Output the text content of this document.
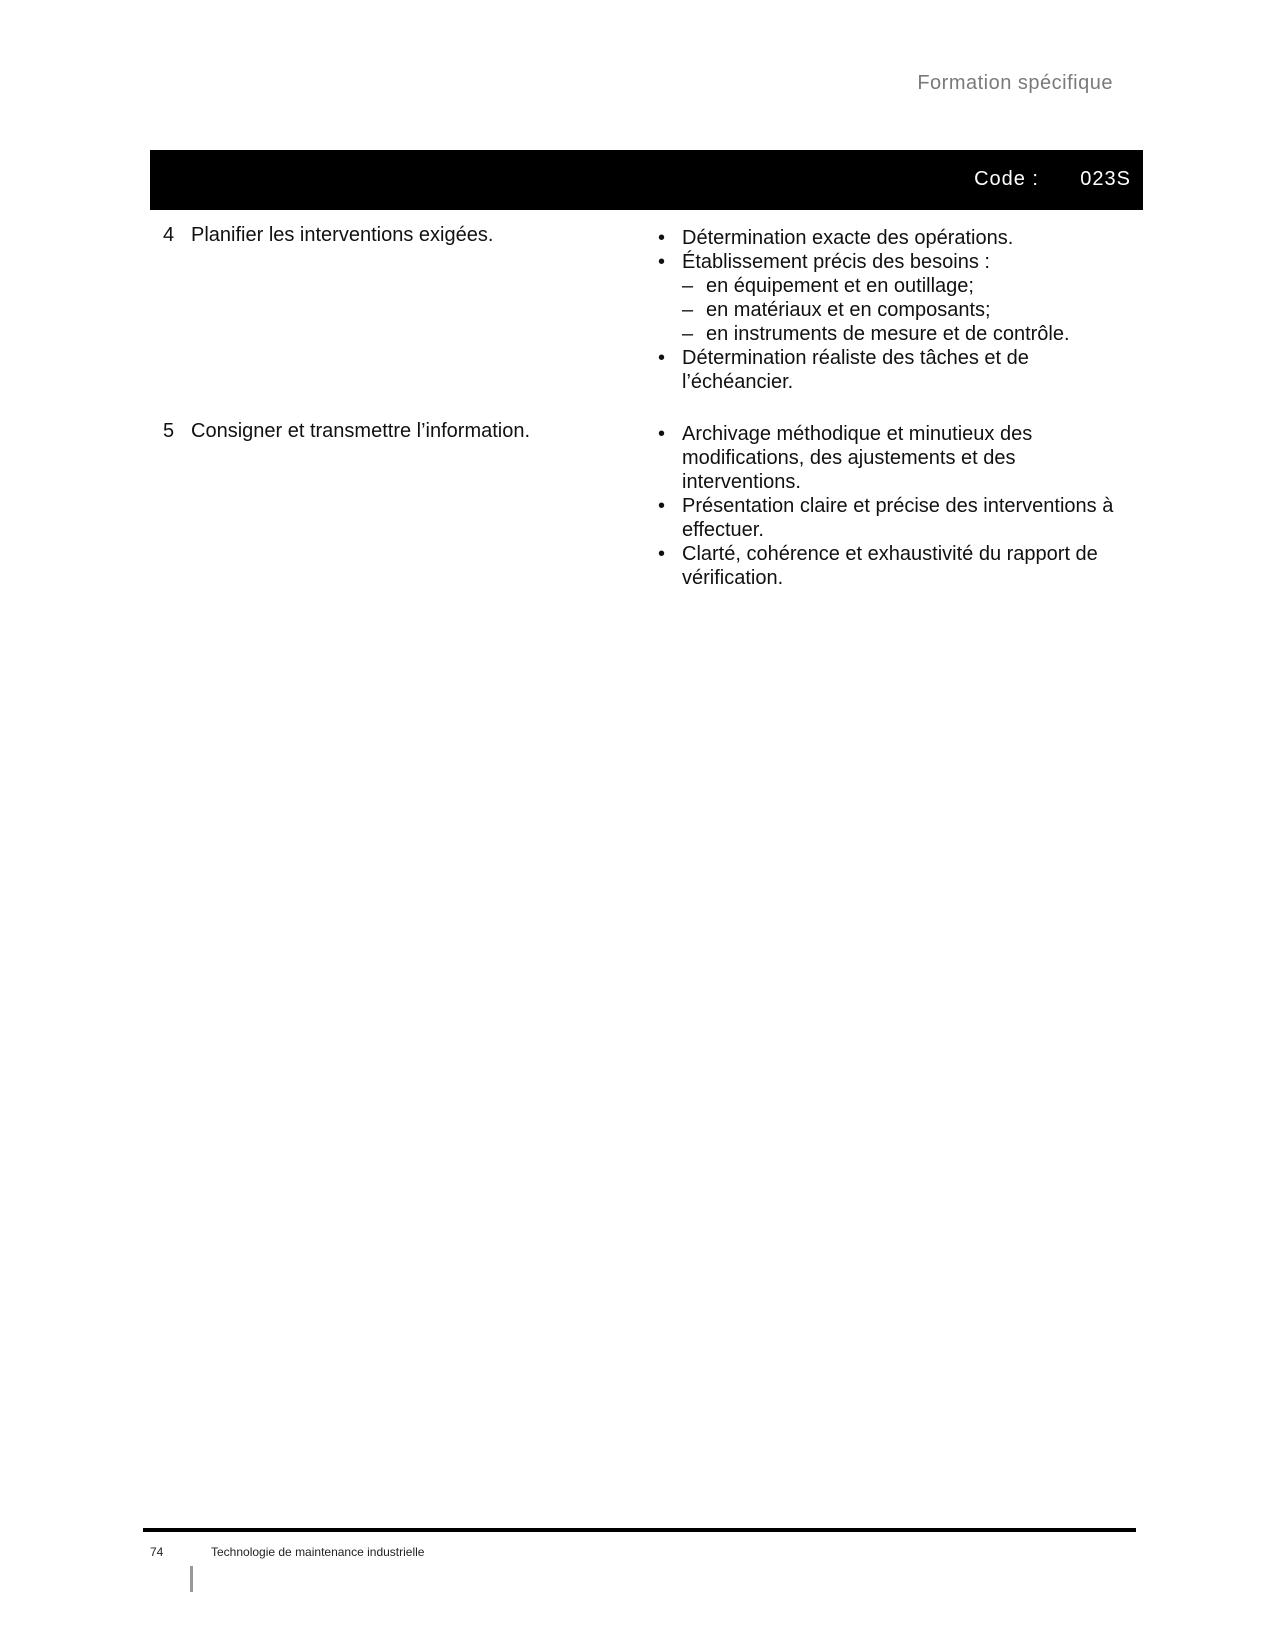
Formation spécifique
Code : 023S
4 Planifier les interventions exigées.	• Détermination exacte des opérations.
• Établissement précis des besoins :
– en équipement et en outillage;
– en matériaux et en composants;
– en instruments de mesure et de contrôle.
• Détermination réaliste des tâches et de l’échéancier.
5 Consigner et transmettre l’information.	• Archivage méthodique et minutieux des modifications, des ajustements et des interventions.
• Présentation claire et précise des interventions à effectuer.
• Clarté, cohérence et exhaustivité du rapport de vérification.
74	Technologie de maintenance industrielle
